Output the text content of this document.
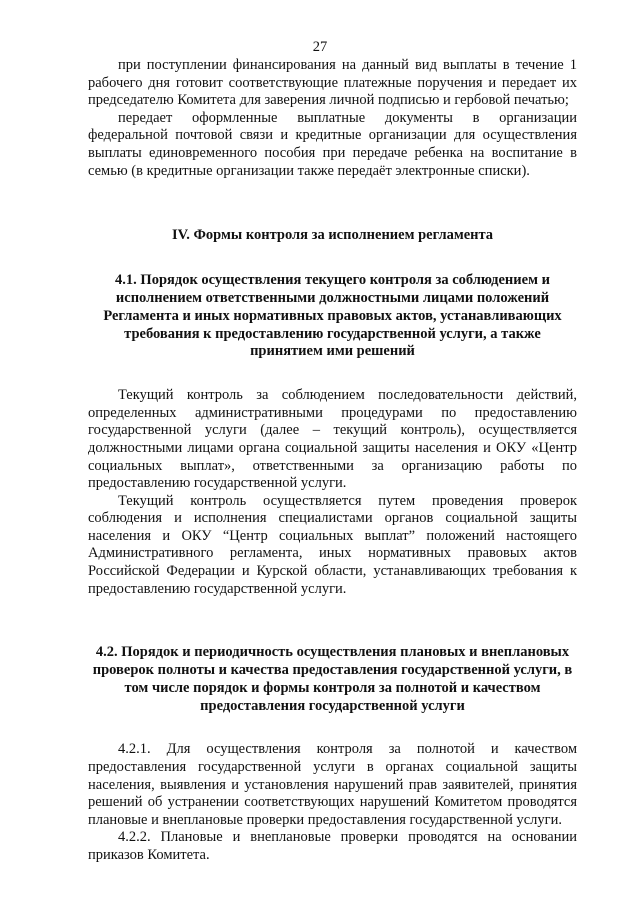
27

при поступлении финансирования на данный вид выплаты в течение 1 рабочего дня готовит соответствующие платежные поручения и передает их председателю Комитета для заверения личной подписью и гербовой печатью;

передает оформленные выплатные документы в организации федеральной почтовой связи и кредитные организации для осуществления выплаты единовременного пособия при передаче ребенка на воспитание в семью (в кредитные организации также передаёт электронные списки).

IV. Формы контроля за исполнением регламента
4.1. Порядок осуществления текущего контроля за соблюдением и исполнением ответственными должностными лицами положений Регламента и иных нормативных правовых актов, устанавливающих требования к предоставлению государственной услуги, а также принятием ими решений

Текущий контроль за соблюдением последовательности действий, определенных административными процедурами по предоставлению государственной услуги (далее – текущий контроль), осуществляется должностными лицами органа социальной защиты населения и ОКУ «Центр социальных выплат», ответственными за организацию работы по предоставлению государственной услуги.

Текущий контроль осуществляется путем проведения проверок соблюдения и исполнения специалистами органов социальной защиты населения и ОКУ “Центр социальных выплат” положений настоящего Административного регламента, иных нормативных правовых актов Российской Федерации и Курской области, устанавливающих требования к предоставлению государственной услуги.

4.2. Порядок и периодичность осуществления плановых и внеплановых проверок полноты и качества предоставления государственной услуги, в том числе порядок и формы контроля за полнотой и качеством предоставления государственной услуги

4.2.1. Для осуществления контроля за полнотой и качеством предоставления государственной услуги в органах социальной защиты населения, выявления и установления нарушений прав заявителей, принятия решений об устранении соответствующих нарушений Комитетом проводятся плановые и внеплановые проверки предоставления государственной услуги.

4.2.2. Плановые и внеплановые проверки проводятся на основании приказов Комитета.
